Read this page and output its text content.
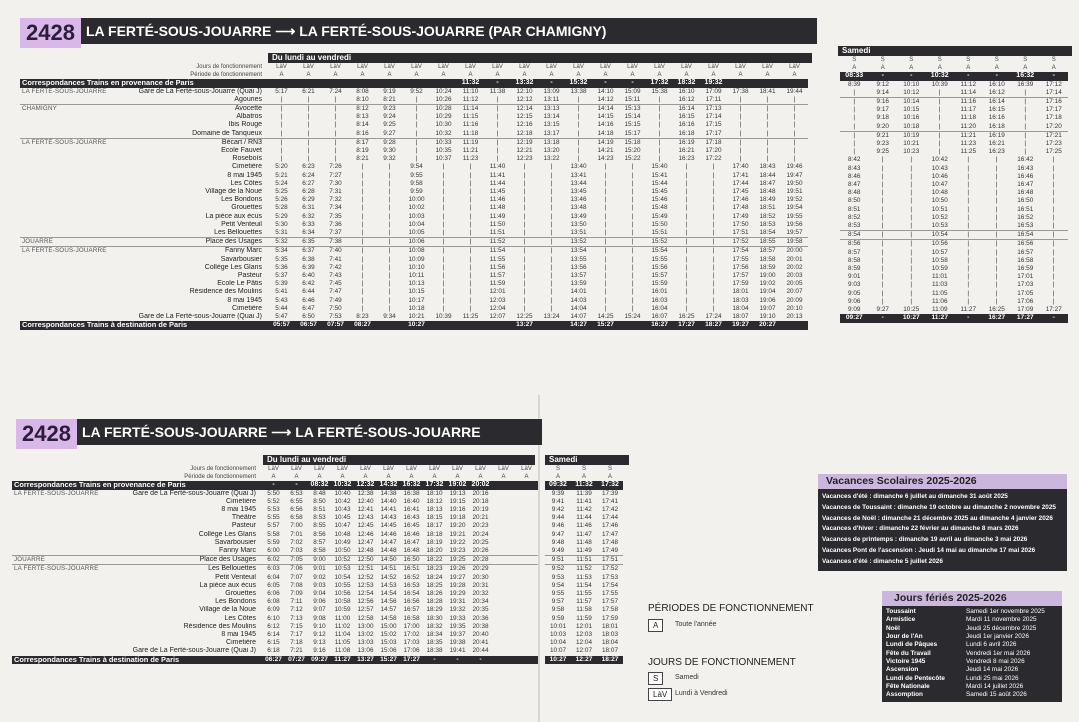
2428 LA FERTÉ-SOUS-JOUARRE ⟶ LA FERTÉ-SOUS-JOUARRE (PAR CHAMIGNY)
Du lundi au vendredi
Samedi
	Jours de fonctionnement	LàV	LàV	LàV	LàV	LàV	LàV	LàV	LàV	LàV	LàV	LàV	LàV	LàV	LàV	LàV	LàV	LàV	LàV	LàV	LàV
	Période de fonctionnement	A	A	A	A	A	A	A	A	A	A	A	A	A	A	A	A	A	A	A	A
Correspondances Trains en provenance de Paris									11:32	-	13:32	-	15:32	-	-	17:32	18:32	19:32			
LA FERTÉ-SOUS-JOUARRE	Gare de La Ferté-sous-Jouarre (Quai J)	5:17	6:21	7:24	8:08	9:19	9:52	10:24	11:10	11:38	12:10	13:09	13:38	14:10	15:09	15:38	16:10	17:09	17:38	18:41	19:44
	Agouries	|	|	|	8:10	8:21	|	10:26	11:12	|	12:12	13:11	|	14:12	15:11	|	16:12	17:11	|	|	|
CHAMIGNY	Avocette	|	|	|	8:12	9:23	|	10:28	11:14	|	12:14	13:13	|	14:14	15:13	|	16:14	17:13	|	|	|
	Albatros	|	|	|	8:13	9:24	|	10:29	11:15	|	12:15	13:14	|	14:15	15:14	|	16:15	17:14	|	|	|
	Ibis Rouge	|	|	|	8:14	9:25	|	10:30	11:16	|	12:16	13:15	|	14:16	15:15	|	16:16	17:15	|	|	|
	Domaine de Tanqueux	|	|	|	8:16	9:27	|	10:32	11:18	|	12:18	13:17	|	14:18	15:17	|	16:18	17:17	|	|	|
LA FERTÉ-SOUS-JOUARRE	Bécart / RN3	|	|	|	8:17	9:28	|	10:33	11:19	|	12:19	13:18	|	14:19	15:18	|	16:19	17:18	|	|	|
	École Fauvet	|	|	|	8:19	9:30	|	10:35	11:21	|	12:21	13:20	|	14:21	15:20	|	16:21	17:20	|	|	|
	Roseboís	|	|	|	8:21	9:32	|	10:37	11:23	|	12:23	13:22	|	14:23	15:22	|	16:23	17:22	|	|	|
	Cimetière	5:20	6:23	7:26	|	|	9:54	|	|	11:40	|	|	13:40	|	|	15:40	|	|	17:40	18:43	19:46
	8 mai 1945	5:21	6:24	7:27	|	|	9:55	|	|	11:41	|	|	13:41	|	|	15:41	|	|	17:41	18:44	19:47
	Les Côtes	5:24	6:27	7:30	|	|	9:58	|	|	11:44	|	|	13:44	|	|	15:44	|	|	17:44	18:47	19:50
	Village de la Noue	5:25	6:28	7:31	|	|	9:59	|	|	11:45	|	|	13:45	|	|	15:45	|	|	17:45	18:48	19:51
	Les Bondons	5:26	6:29	7:32	|	|	10:00	|	|	11:46	|	|	13:46	|	|	15:46	|	|	17:46	18:49	19:52
	Grouettes	5:28	6:31	7:34	|	|	10:02	|	|	11:48	|	|	13:48	|	|	15:48	|	|	17:48	18:51	19:54
	La pièce aux écus	5:29	6:32	7:35	|	|	10:03	|	|	11:49	|	|	13:49	|	|	15:49	|	|	17:49	18:52	19:55
	Petit Venteuil	5:30	6:33	7:36	|	|	10:04	|	|	11:50	|	|	13:50	|	|	15:50	|	|	17:50	18:53	19:56
	Les Bellouettes	5:31	6:34	7:37	|	|	10:05	|	|	11:51	|	|	13:51	|	|	15:51	|	|	17:51	18:54	19:57
JOUARRE	Place des Usages	5:32	6:35	7:38	|	|	10:06	|	|	11:52	|	|	13:52	|	|	15:52	|	|	17:52	18:55	19:58
LA FERTÉ-SOUS-JOUARRE	Fanny Marc	5:34	6:37	7:40	|	|	10:08	|	|	11:54	|	|	13:54	|	|	15:54	|	|	17:54	18:57	20:00
	Savarbousier	5:35	6:38	7:41	|	|	10:09	|	|	11:55	|	|	13:55	|	|	15:55	|	|	17:55	18:58	20:01
	Collège Les Glaris	5:36	6:39	7:42	|	|	10:10	|	|	11:56	|	|	13:56	|	|	15:56	|	|	17:56	18:59	20:02
	Pasteur	5:37	6:40	7:43	|	|	10:11	|	|	11:57	|	|	13:57	|	|	15:57	|	|	17:57	19:00	20:03
	École Le Pâtis	5:39	6:42	7:45	|	|	10:13	|	|	11:59	|	|	13:59	|	|	15:59	|	|	17:59	19:02	20:05
	Résidence des Moulins	5:41	6:44	7:47	|	|	10:15	|	|	12:01	|	|	14:01	|	|	16:01	|	|	18:01	19:04	20:07
	8 mai 1945	5:43	6:46	7:49	|	|	10:17	|	|	12:03	|	|	14:03	|	|	16:03	|	|	18:03	19:06	20:09
	Cimetière	5:44	6:47	7:50	|	|	10:18	|	|	12:04	|	|	14:04	|	|	16:04	|	|	18:04	19:07	20:10
	Gare de La Ferté-sous-Jouarre (Quai J)	5:47	6:50	7:53	8:23	9:34	10:21	10:39	11:25	12:07	12:25	13:24	14:07	14:25	15:24	16:07	16:25	17:24	18:07	19:10	20:13
Correspondances Trains à destination de Paris		05:57	06:57	07:57	08:27		10:27				13:27		14:27	15:27		16:27	17:27	18:27	19:27	20:27	
S	S	S	S	S	S	S	S
A	A	A	A	A	A	A	A
08:33	-	-	10:32	-	-	16:32	-
8:39	9:12	10:10	10:39	11:12	16:10	16:39	17:12
|	9:14	10:12	|	11:14	16:12	|	17:14
|	9:16	10:14	|	11:16	16:14	|	17:16
|	9:17	10:15	|	11:17	16:15	|	17:17
|	9:18	10:16	|	11:18	16:16	|	17:18
|	9:20	10:18	|	11:20	16:18	|	17:20
|	9:21	10:19	|	11:21	16:19	|	17:21
|	9:23	10:21	|	11:23	16:21	|	17:23
|	9:25	10:23	|	11:25	16:23	|	17:25
8:42	|	|	10:42	|	|	16:42	|
8:43	|	|	10:43	|	|	16:43	|
8:46	|	|	10:46	|	|	16:46	|
8:47	|	|	10:47	|	|	16:47	|
8:48	|	|	10:48	|	|	16:48	|
8:50	|	|	10:50	|	|	16:50	|
8:51	|	|	10:51	|	|	16:51	|
8:52	|	|	10:52	|	|	16:52	|
8:53	|	|	10:53	|	|	16:53	|
8:54	|	|	10:54	|	|	16:54	|
8:56	|	|	10:56	|	|	16:56	|
8:57	|	|	10:57	|	|	16:57	|
8:58	|	|	10:58	|	|	16:58	|
8:59	|	|	10:59	|	|	16:59	|
9:01	|	|	11:01	|	|	17:01	|
9:03	|	|	11:03	|	|	17:03	|
9:05	|	|	11:05	|	|	17:05	|
9:06	|	|	11:06	|	|	17:06	|
9:09	9:27	10:25	11:09	11:27	16:25	17:09	17:27
09:27	-	10:27	11:27	-	16:27	17:27	-
2428 LA FERTÉ-SOUS-JOUARRE ⟶ LA FERTÉ-SOUS-JOUARRE
Du lundi au vendredi	Samedi
	Jours de fonctionnement	LàV	LàV	LàV	LàV	LàV	LàV	LàV	LàV	LàV	LàV	LàV	LàV
	Période de fonctionnement	A	A	A	A	A	A	A	A	A	A	A	A
Correspondances Trains en provenance de Paris		-	-	08:32	10:32	12:32	14:32	16:32	17:32	19:02	20:02		
LA FERTÉ-SOUS-JOUARRE	Gare de La Ferté-sous-Jouarre (Quai J)	5:50	6:53	8:48	10:40	12:38	14:38	16:38	18:10	19:13	20:16		
	Cimetière	5:52	6:55	8:50	10:42	12:40	14:40	16:40	18:12	19:15	20:18		
	8 mai 1945	5:53	6:56	8:51	10:43	12:41	14:41	16:41	18:13	19:16	20:19		
	Théâtre	5:55	6:58	8:53	10:45	12:43	14:43	16:43	18:15	19:18	20:21		
	Pasteur	5:57	7:00	8:55	10:47	12:45	14:45	16:45	18:17	19:20	20:23		
	Collège Les Glaris	5:58	7:01	8:56	10:48	12:46	14:46	16:46	18:18	19:21	20:24		
	Savarbousier	5:59	7:02	8:57	10:49	12:47	14:47	16:47	18:19	19:22	20:25		
	Fanny Marc	6:00	7:03	8:58	10:50	12:48	14:48	16:48	18:20	19:23	20:26		
JOUARRE	Place des Usages	6:02	7:05	9:00	10:52	12:50	14:50	16:50	18:22	19:25	20:28		
LA FERTÉ-SOUS-JOUARRE	Les Bellouettes	6:03	7:06	9:01	10:53	12:51	14:51	16:51	18:23	19:26	20:29		
	Petit Venteuil	6:04	7:07	9:02	10:54	12:52	14:52	16:52	18:24	19:27	20:30		
	La pièce aux écus	6:05	7:08	9:03	10:55	12:53	14:53	16:53	18:25	19:28	20:31		
	Grouettes	6:06	7:09	9:04	10:56	12:54	14:54	16:54	18:26	19:29	20:32		
	Les Bondons	6:08	7:11	9:06	10:58	12:56	14:56	16:56	18:28	19:31	20:34		
	Village de la Noue	6:09	7:12	9:07	10:59	12:57	14:57	16:57	18:29	19:32	20:35		
	Les Côtes	6:10	7:13	9:08	11:00	12:58	14:58	16:58	18:30	19:33	20:36		
	Résidence des Moulins	6:12	7:15	9:10	11:02	13:00	15:00	17:00	18:32	19:35	20:38		
	8 mai 1945	6:14	7:17	9:12	11:04	13:02	15:02	17:02	18:34	19:37	20:40		
	Cimetière	6:15	7:18	9:13	11:05	13:03	15:03	17:03	18:35	19:38	20:41		
	Gare de La Ferté-sous-Jouarre (Quai J)	6:18	7:21	9:16	11:08	13:06	15:06	17:06	18:38	19:41	20:44		
Correspondances Trains à destination de Paris		06:27	07:27	09:27	11:27	13:27	15:27	17:27	-	-	-		
S	S	S
A	A	A
09:32	11:32	17:32
9:39	11:39	17:39
9:41	11:41	17:41
9:42	11:42	17:42
9:44	11:44	17:44
9:46	11:46	17:46
9:47	11:47	17:47
9:48	11:48	17:48
9:49	11:49	17:49
9:51	11:51	17:51
9:52	11:52	17:52
9:53	11:53	17:53
9:54	11:54	17:54
9:55	11:55	17:55
9:57	11:57	17:57
9:58	11:58	17:58
9:59	11:59	17:59
10:01	12:01	18:01
10:03	12:03	18:03
10:04	12:04	18:04
10:07	12:07	18:07
10:27	12:27	18:27
PÉRIODES DE FONCTIONNEMENT
A	Toute l'année
JOURS DE FONCTIONNEMENT
S	Samedi
LàV	Lundi à Vendredi
Vacances Scolaires 2025-2026
Vacances d'été : dimanche 6 juillet au dimanche 31 août 2025
Vacances de Toussaint : dimanche 19 octobre au dimanche 2 novembre 2025
Vacances de Noël : dimanche 21 décembre 2025 au dimanche 4 janvier 2026
Vacances d'hiver : dimanche 22 février au dimanche 8 mars 2026
Vacances de printemps : dimanche 19 avril au dimanche 3 mai 2026
Vacances Pont de l'ascension : Jeudi 14 mai au dimanche 17 mai 2026
Vacances d'été : dimanche 5 juillet 2026
Jours fériés 2025-2026
Toussaint	Samedi 1er novembre 2025
Armistice	Mardi 11 novembre 2025
Noël	Jeudi 25 décembre 2025
Jour de l'An	Jeudi 1er janvier 2026
Lundi de Pâques	Lundi 6 avril 2026
Fête du Travail	Vendredi 1er mai 2026
Victoire 1945	Vendredi 8 mai 2026
Ascension	Jeudi 14 mai 2026
Lundi de Pentecôte	Lundi 25 mai 2026
Fête Nationale	Mardi 14 juillet 2026
Assomption	Samedi 15 août 2026
